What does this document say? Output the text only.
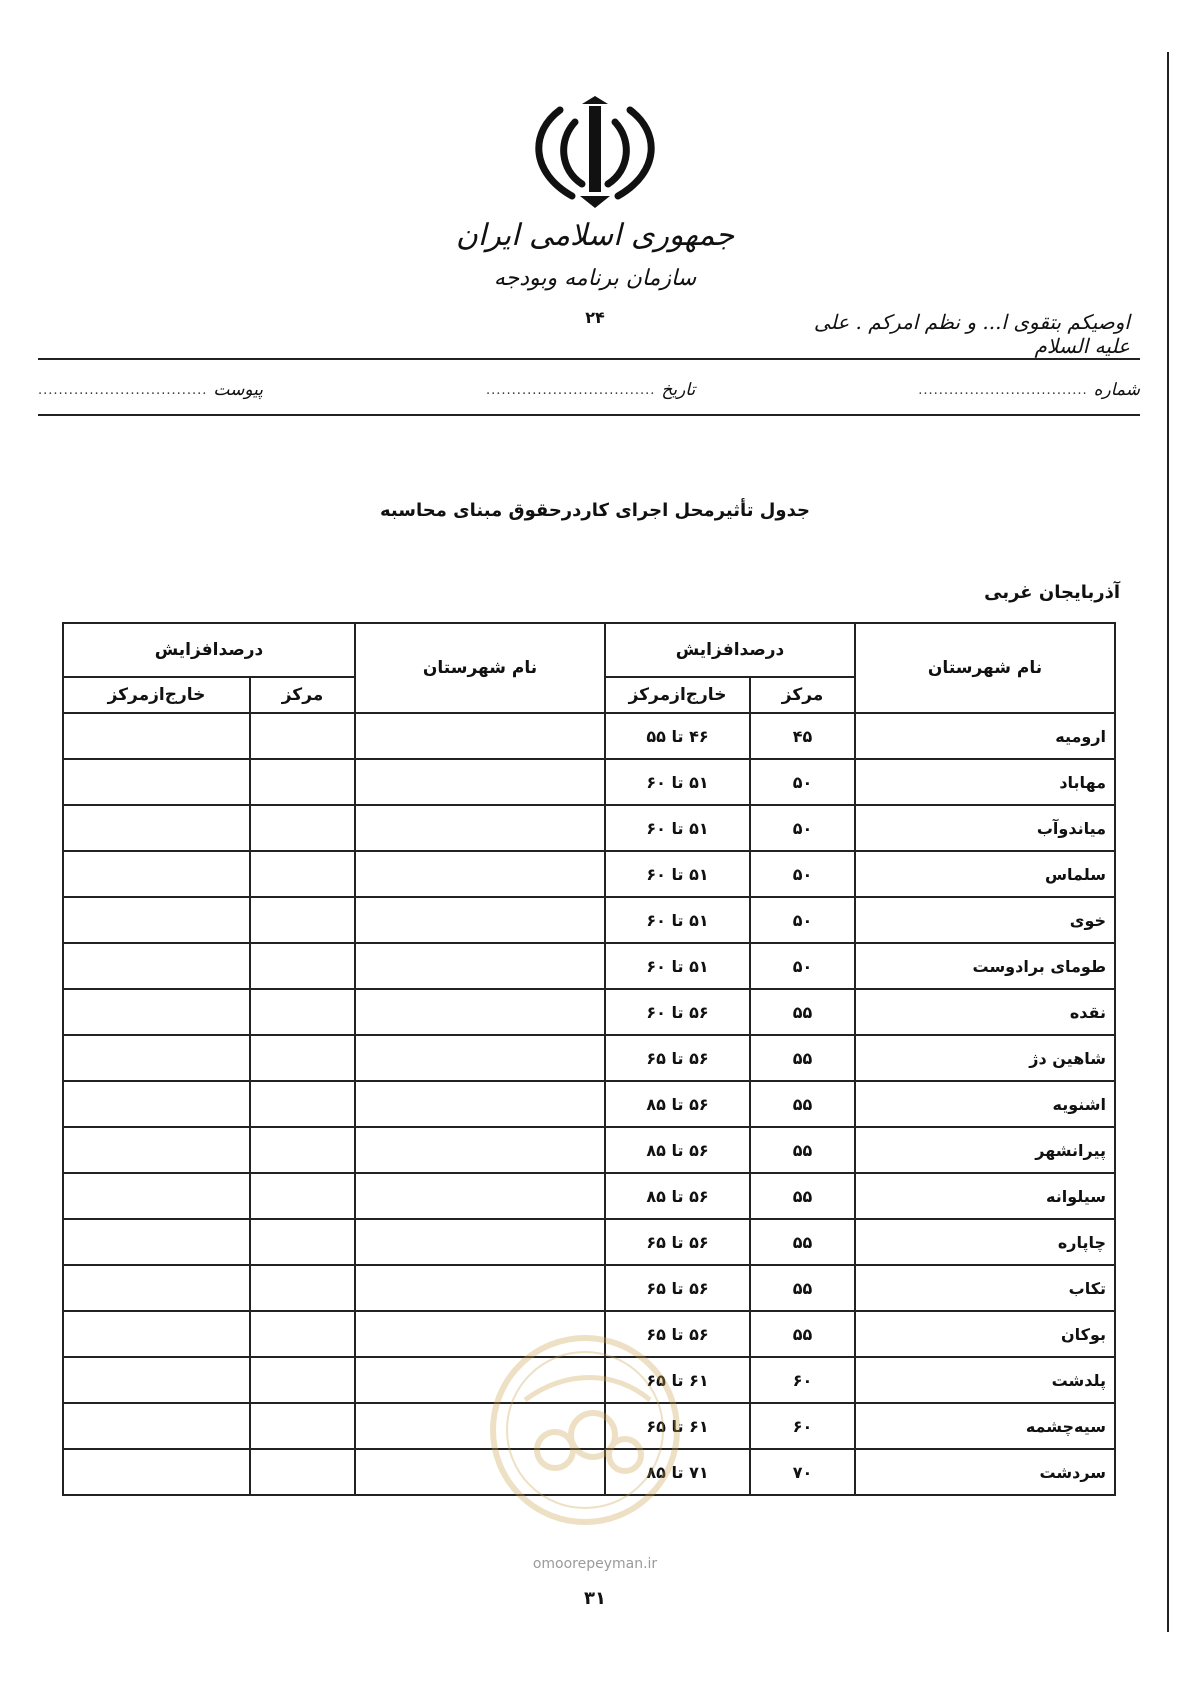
جمهوری اسلامی ایران
سازمان برنامه وبودجه
۲۴	اوصیکم بتقوی ا... و نظم امرکم . علی علیه السلام
شماره
.................................
تاریخ
.................................
پیوست
.................................
جدول تأثیرمحل اجرای کاردرحقوق مبنای محاسبه
آذربایجان غربی
نام شهرستان	درصدافزایش		نام شهرستان	درصدافزایش	
	مرکز	خارج‌ازمرکز		مرکز	خارج‌ازمرکز
ارومیه	۴۵	۴۶ تا ۵۵			
مهاباد	۵۰	۵۱ تا ۶۰			
میاندوآب	۵۰	۵۱ تا ۶۰			
سلماس	۵۰	۵۱ تا ۶۰			
خوی	۵۰	۵۱ تا ۶۰			
طومای برادوست	۵۰	۵۱ تا ۶۰			
نقده	۵۵	۵۶ تا ۶۰			
شاهین دژ	۵۵	۵۶ تا ۶۵			
اشنویه	۵۵	۵۶ تا ۸۵			
پیرانشهر	۵۵	۵۶ تا ۸۵			
سیلوانه	۵۵	۵۶ تا ۸۵			
چاپاره	۵۵	۵۶ تا ۶۵			
تکاب	۵۵	۵۶ تا ۶۵			
بوکان	۵۵	۵۶ تا ۶۵			
پلدشت	۶۰	۶۱ تا ۶۵			
سیه‌چشمه	۶۰	۶۱ تا ۶۵			
سردشت	۷۰	۷۱ تا ۸۵			
omoorepeyman.ir
۳۱
